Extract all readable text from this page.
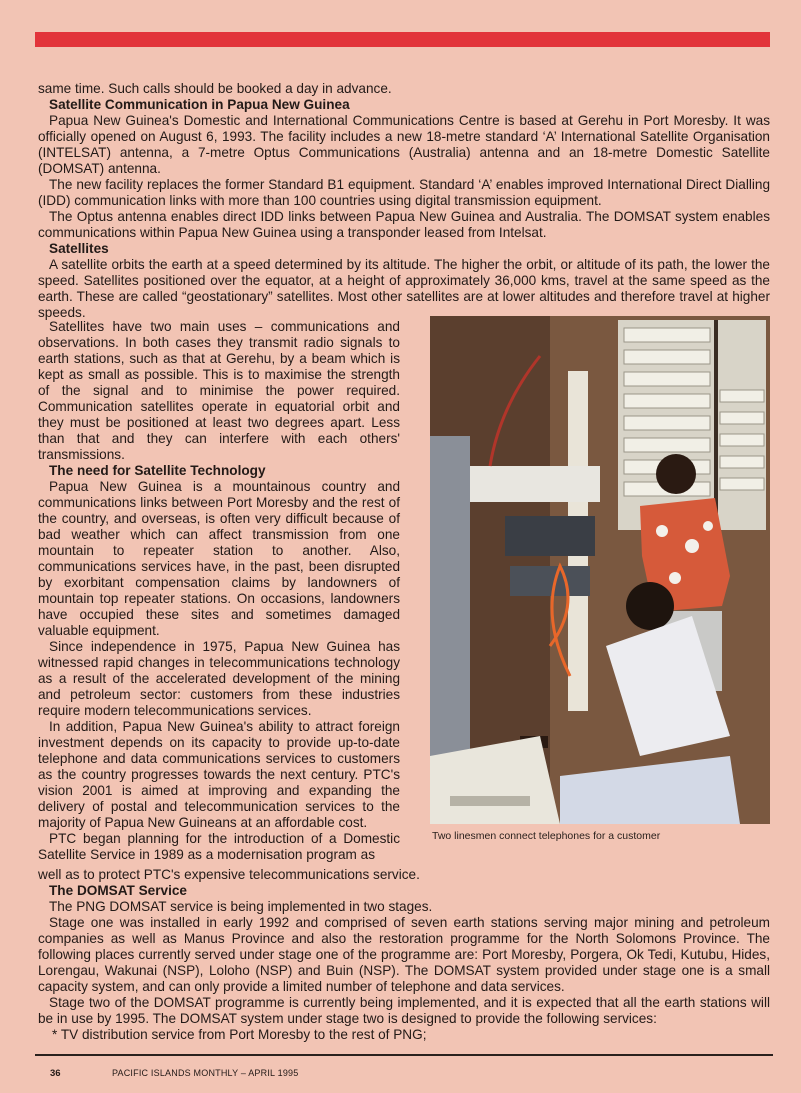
same time. Such calls should be booked a day in advance.

Satellite Communication in Papua New Guinea

Papua New Guinea's Domestic and International Communications Centre is based at Gerehu in Port Moresby. It was officially opened on August 6, 1993. The facility includes a new 18-metre standard ‘A’ International Satellite Organisation (INTELSAT) antenna, a 7-metre Optus Communications (Australia) antenna and an 18-metre Domestic Satellite (DOMSAT) antenna.

The new facility replaces the former Standard B1 equipment. Standard ‘A’ enables improved International Direct Dialling (IDD) communication links with more than 100 countries using digital transmission equipment.

The Optus antenna enables direct IDD links between Papua New Guinea and Australia. The DOMSAT system enables communications within Papua New Guinea using a transponder leased from Intelsat.

Satellites

A satellite orbits the earth at a speed determined by its altitude. The higher the orbit, or altitude of its path, the lower the speed. Satellites positioned over the equator, at a height of approximately 36,000 kms, travel at the same speed as the earth. These are called “geostationary” satellites. Most other satellites are at lower altitudes and therefore travel at higher speeds.

Satellites have two main uses – communications and observations. In both cases they transmit radio signals to earth stations, such as that at Gerehu, by a beam which is kept as small as possible. This is to maximise the strength of the signal and to minimise the power required. Communication satellites operate in equatorial orbit and they must be positioned at least two degrees apart. Less than that and they can interfere with each others' transmissions.

The need for Satellite Technology

Papua New Guinea is a mountainous country and communications links between Port Moresby and the rest of the country, and overseas, is often very difficult because of bad weather which can affect transmission from one mountain to repeater station to another. Also, communications services have, in the past, been disrupted by exorbitant compensation claims by landowners of mountain top repeater stations. On occasions, landowners have occupied these sites and sometimes damaged valuable equipment.

Since independence in 1975, Papua New Guinea has witnessed rapid changes in telecommunications technology as a result of the accelerated development of the mining and petroleum sector: customers from these industries require modern telecommunications services.

In addition, Papua New Guinea's ability to attract foreign investment depends on its capacity to provide up-to-date telephone and data communications services to customers as the country progresses towards the next century. PTC's vision 2001 is aimed at improving and expanding the delivery of postal and telecommunication services to the majority of Papua New Guineans at an affordable cost.

PTC began planning for the introduction of a Domestic Satellite Service in 1989 as a modernisation program as

well as to protect PTC's expensive telecommunications service.

The DOMSAT Service

The PNG DOMSAT service is being implemented in two stages.

Stage one was installed in early 1992 and comprised of seven earth stations serving major mining and petroleum companies as well as Manus Province and also the restoration programme for the North Solomons Province. The following places currently served under stage one of the programme are: Port Moresby, Porgera, Ok Tedi, Kutubu, Hides, Lorengau, Wakunai (NSP), Loloho (NSP) and Buin (NSP). The DOMSAT system provided under stage one is a small capacity system, and can only provide a limited number of telephone and data services.

Stage two of the DOMSAT programme is currently being implemented, and it is expected that all the earth stations will be in use by 1995. The DOMSAT system under stage two is designed to provide the following services:

* TV distribution service from Port Moresby to the rest of PNG;

Two linesmen connect telephones for a customer
36	PACIFIC ISLANDS MONTHLY – APRIL 1995
